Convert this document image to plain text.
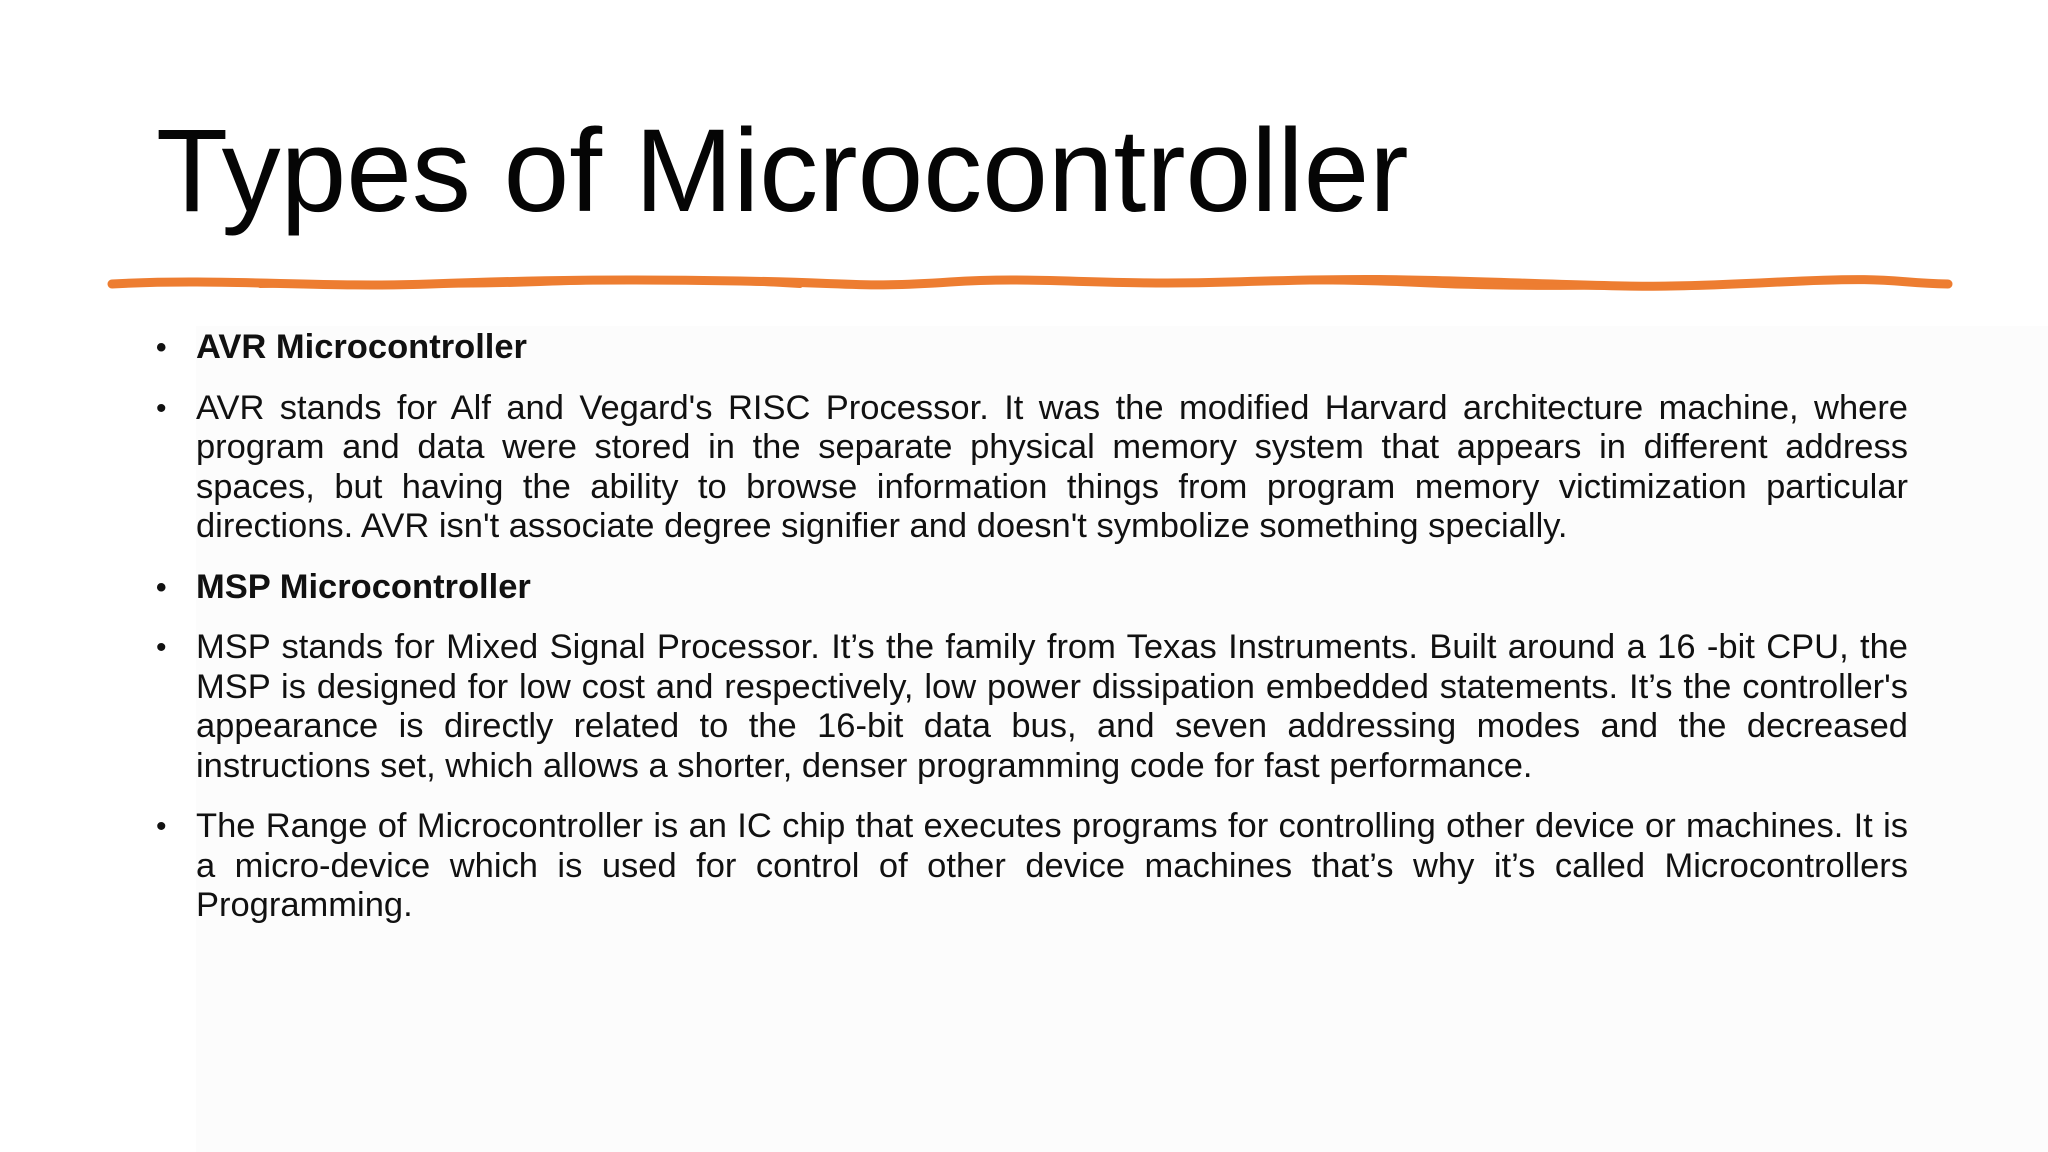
Types of Microcontroller
• AVR Microcontroller
• AVR stands for Alf and Vegard's RISC Processor. It was the modified Harvard architecture machine, where program and data were stored in the separate physical memory system that appears in different address spaces, but having the ability to browse information things from program memory victimization particular directions. AVR isn't associate degree signifier and doesn't symbolize something specially.
• MSP Microcontroller
• MSP stands for Mixed Signal Processor. It’s the family from Texas Instruments. Built around a 16 -bit CPU, the MSP is designed for low cost and respectively, low power dissipation embedded statements. It’s the controller's appearance is directly related to the 16-bit data bus, and seven addressing modes and the decreased instructions set, which allows a shorter, denser programming code for fast performance.
• The Range of Microcontroller is an IC chip that executes programs for controlling other device or machines. It is a micro-device which is used for control of other device machines that’s why it’s called Microcontrollers Programming.
